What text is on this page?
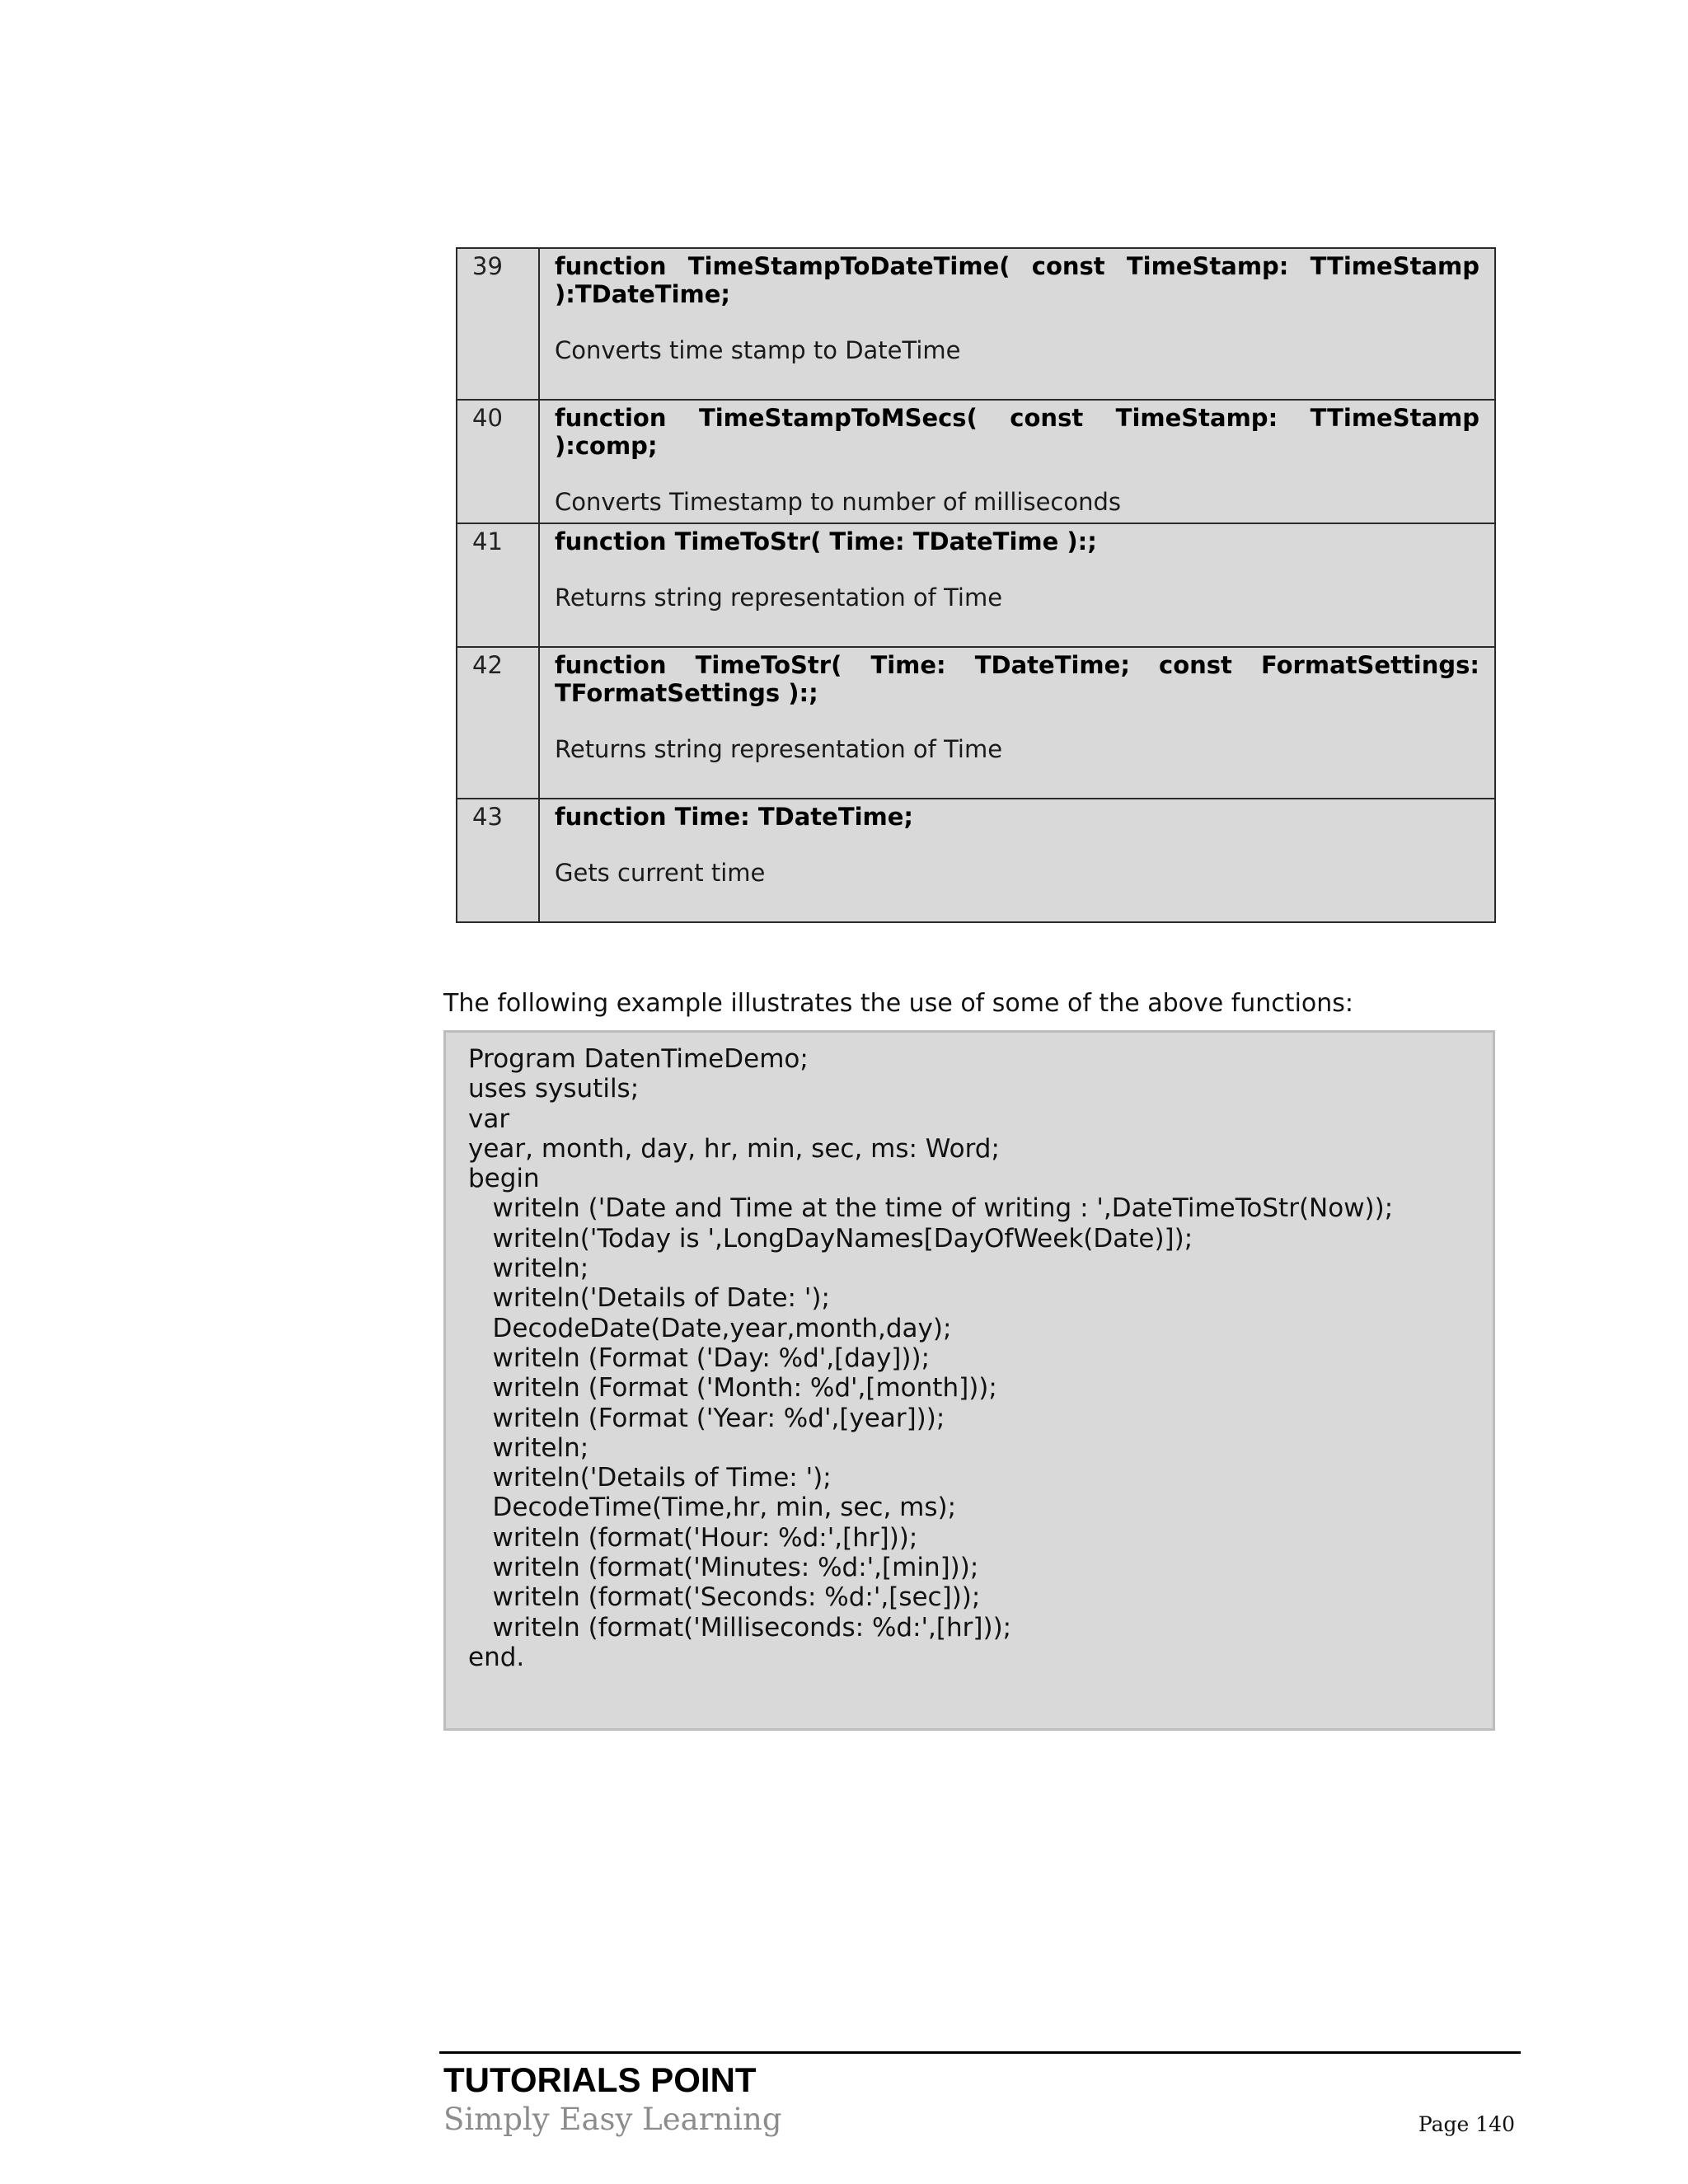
39	function TimeStampToDateTime( const TimeStamp: TTimeStamp ):TDateTime;
Converts time stamp to DateTime

40	function TimeStampToMSecs( const TimeStamp: TTimeStamp ):comp;
Converts Timestamp to number of milliseconds

41	function TimeToStr( Time: TDateTime ):;
Returns string representation of Time

42	function TimeToStr( Time: TDateTime; const FormatSettings: TFormatSettings ):;
Returns string representation of Time

43	function Time: TDateTime;
Gets current time
The following example illustrates the use of some of the above functions:
Program DatenTimeDemo;
uses sysutils;
var
year, month, day, hr, min, sec, ms: Word;
begin
writeln ('Date and Time at the time of writing : ',DateTimeToStr(Now));
writeln('Today is ',LongDayNames[DayOfWeek(Date)]);
writeln;
writeln('Details of Date: ');
DecodeDate(Date,year,month,day);
writeln (Format ('Day: %d',[day]));
writeln (Format ('Month: %d',[month]));
writeln (Format ('Year: %d',[year]));
writeln;
writeln('Details of Time: ');
DecodeTime(Time,hr, min, sec, ms);
writeln (format('Hour: %d:',[hr]));
writeln (format('Minutes: %d:',[min]));
writeln (format('Seconds: %d:',[sec]));
writeln (format('Milliseconds: %d:',[hr]));
end.
TUTORIALS POINT
Simply Easy Learning	Page 140
